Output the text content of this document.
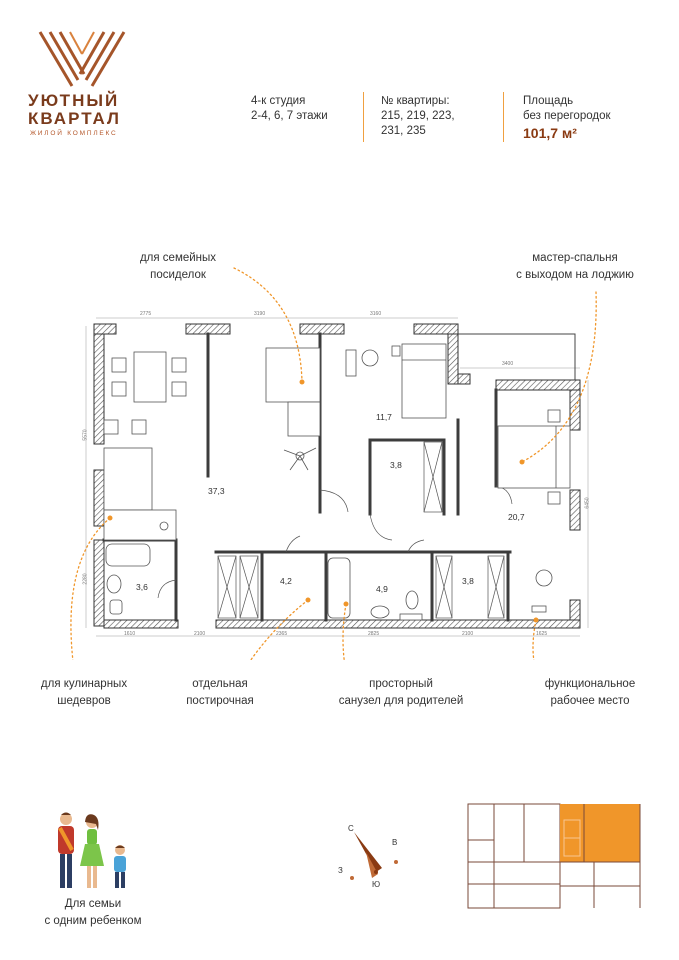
УЮТНЫЙ
КВАРТАЛ
ЖИЛОЙ КОМПЛЕКС
4-к студия
2-4, 6, 7 этажи
№ квартиры:
215, 219, 223,
231, 235
Площадь
без перегородок
101,7 м²
для семейных
посиделок
мастер-спальня
с выходом на лоджию
для кулинарных
шедевров
отдельная
постирочная
просторный
санузел для родителей
функциональное
рабочее место
37,3
11,7
3,8
20,7
4,2
4,9
3,8
3,6
2775	3190	3160
3400
5570
2280
6450
1610	2100	2365	2825	2100	1625
Для семьи
с одним ребенком
С
В
Ю
З
